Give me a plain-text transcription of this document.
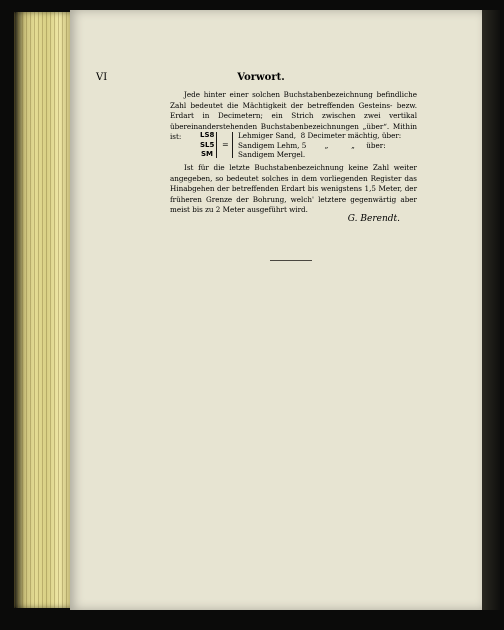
VI	Vorwort.

Jede hinter einer solchen Buchstabenbezeichnung befindliche Zahl bedeutet die Mächtigkeit der betreffenden Gesteins- bezw. Erdart in Decimetern; ein Strich zwischen zwei vertikal übereinanderstehenden Buchstabenbezeichnungen „über“. Mithin ist:	LS8
SL5
SM
=
Lehmiger Sand,  8 Decimeter mächtig, über:
Sandigem Lehm, 5        „          „     über:
Sandigem Mergel.

Ist für die letzte Buchstabenbezeichnung keine Zahl weiter angegeben, so bedeutet solches in dem vorliegenden Register das Hinabgehen der betreffenden Erdart bis wenigstens 1,5 Meter, der früheren Grenze der Bohrung, welch' letztere gegenwärtig aber meist bis zu 2 Meter ausgeführt wird.

G. Berendt.
